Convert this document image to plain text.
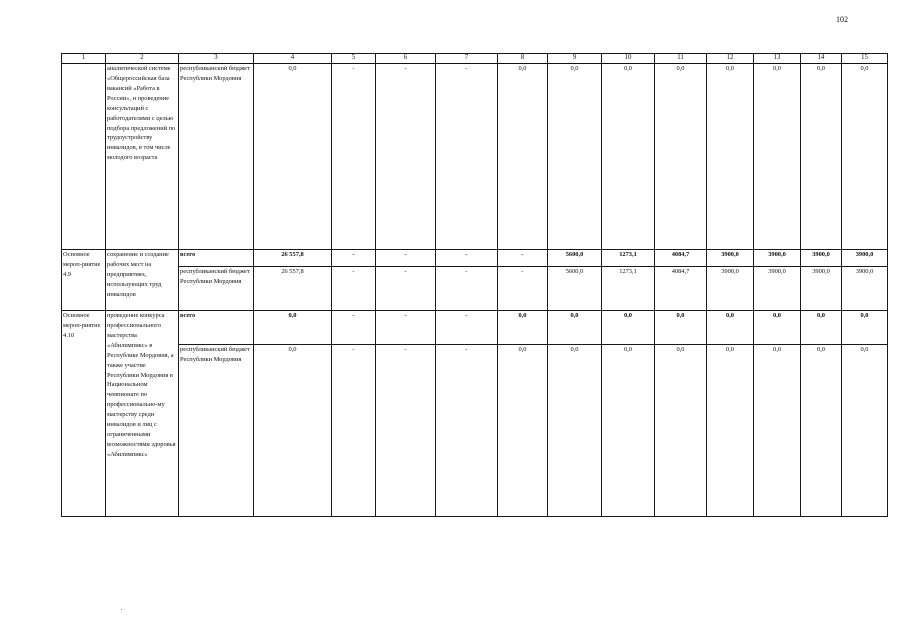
102
1	2	3	4	5	6	7	8	9	10	11	12	13	14	15
	аналитической системе «Общероссийская база вакансий «Работа в России», и проведение консультаций с работодателями с целью подбора предложений по трудоустройству инвалидов, в том числе молодого возраста	республиканский бюджет Республики Мордовия	0,0	-	-	-	0,0	0,0	0,0	0,0	0,0	0,0	0,0	0,0
Основное мероп-риятие 4.9	сохранение и создание рабочих мест на предприятиях, использующих труд инвалидов	всего	26 557,8	-	-	-	-	5600,0	1273,1	4084,7	3900,0	3900,0	3900,0	3900,0
		республиканский бюджет Республики Мордовия	26 557,8	-	-	-	-	5600,0	1273,1	4084,7	3900,0	3900,0	3900,0	3900,0
Основное мероп-риятие 4.10	проведение конкурса профессионального мастерства «Абилимпикс» в Республике Мордовия, а также участие Республики Мордовия в Национальном чемпионате по профессионально-му мастерству среди инвалидов и лиц с ограниченными возможностями здоровья «Абилимпикс»	всего	0,0	-	-	-	0,0	0,0	0,0	0,0	0,0	0,0	0,0	0,0
		республиканский бюджет Республики Мордовия	0,0	-	-	-	0,0	0,0	0,0	0,0	0,0	0,0	0,0	0,0
